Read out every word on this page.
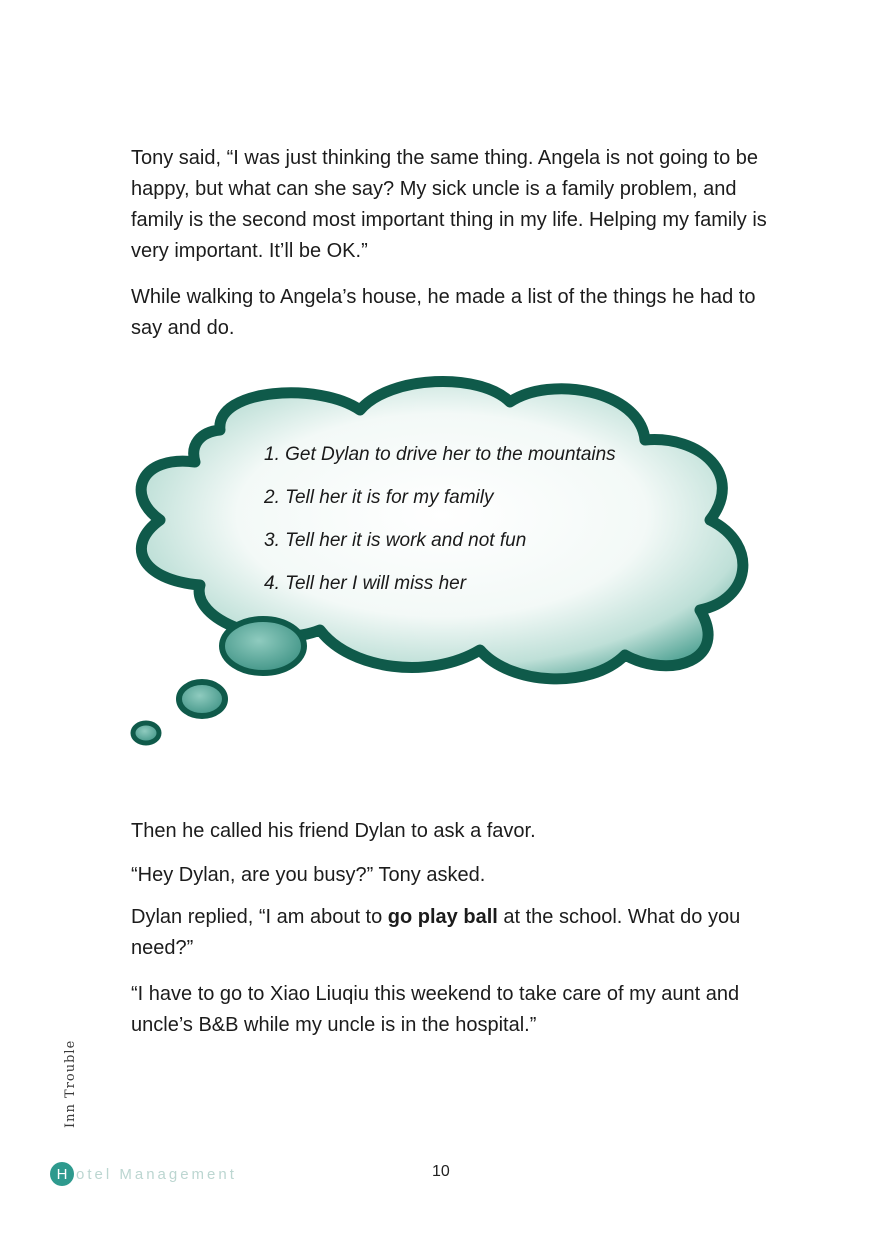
Tony said, “I was just thinking the same thing. Angela is not going to be happy, but what can she say? My sick uncle is a family problem, and family is the second most important thing in my life. Helping my family is very important. It’ll be OK.”

While walking to Angela’s house, he made a list of the things he had to say and do.

1. Get Dylan to drive her to the mountains
2. Tell her it is for my family
3. Tell her it is work and not fun
4. Tell her I will miss her

Then he called his friend Dylan to ask a favor.

“Hey Dylan, are you busy?” Tony asked.

Dylan replied, “I am about to go play ball at the school. What do you need?”

“I have to go to Xiao Liuqiu this weekend to take care of my aunt and uncle’s B&B while my uncle is in the hospital.”

Inn Trouble
H otel Management	10
